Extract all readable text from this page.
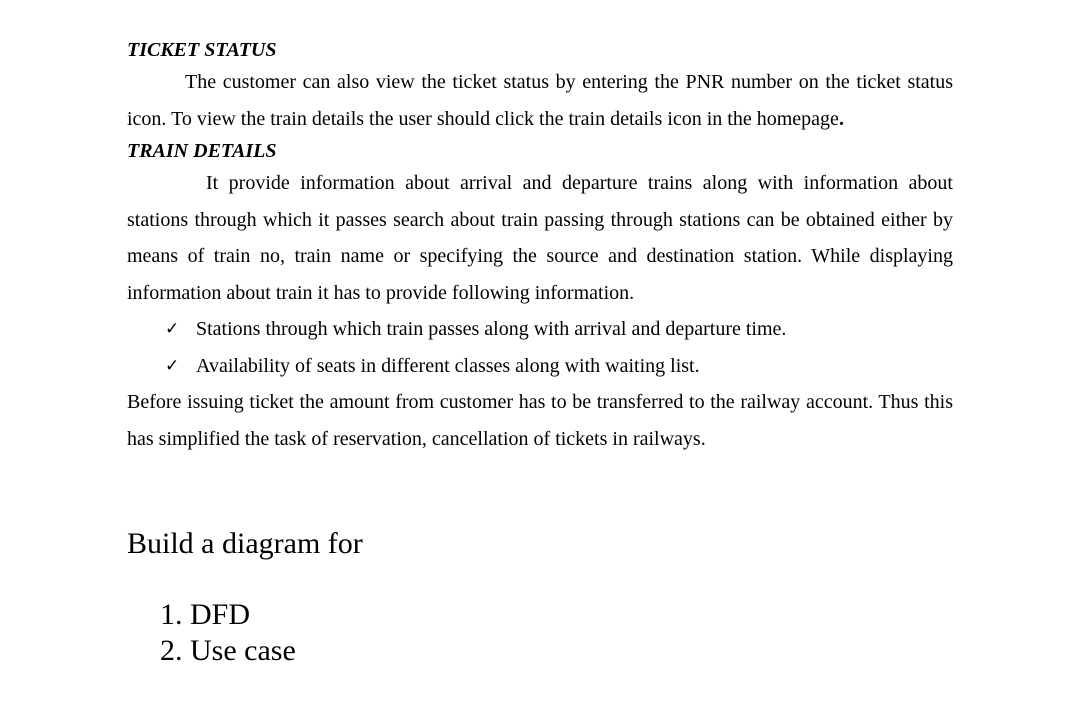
TICKET STATUS

The customer can also view the ticket status by entering the PNR number on the ticket status icon. To view the train details the user should click the train details icon in the homepage.

TRAIN DETAILS

It provide information about arrival and departure trains along with information about stations through which it passes search about train passing through stations can be obtained either by means of train no, train name or specifying the source and destination station. While displaying information about train it has to provide following information.

✓ Stations through which train passes along with arrival and departure time.
✓ Availability of seats in different classes along with waiting list.

Before issuing ticket the amount from customer has to be transferred to the railway account. Thus this has simplified the task of reservation, cancellation of tickets in railways.

Build a diagram for
1. DFD
2. Use case
